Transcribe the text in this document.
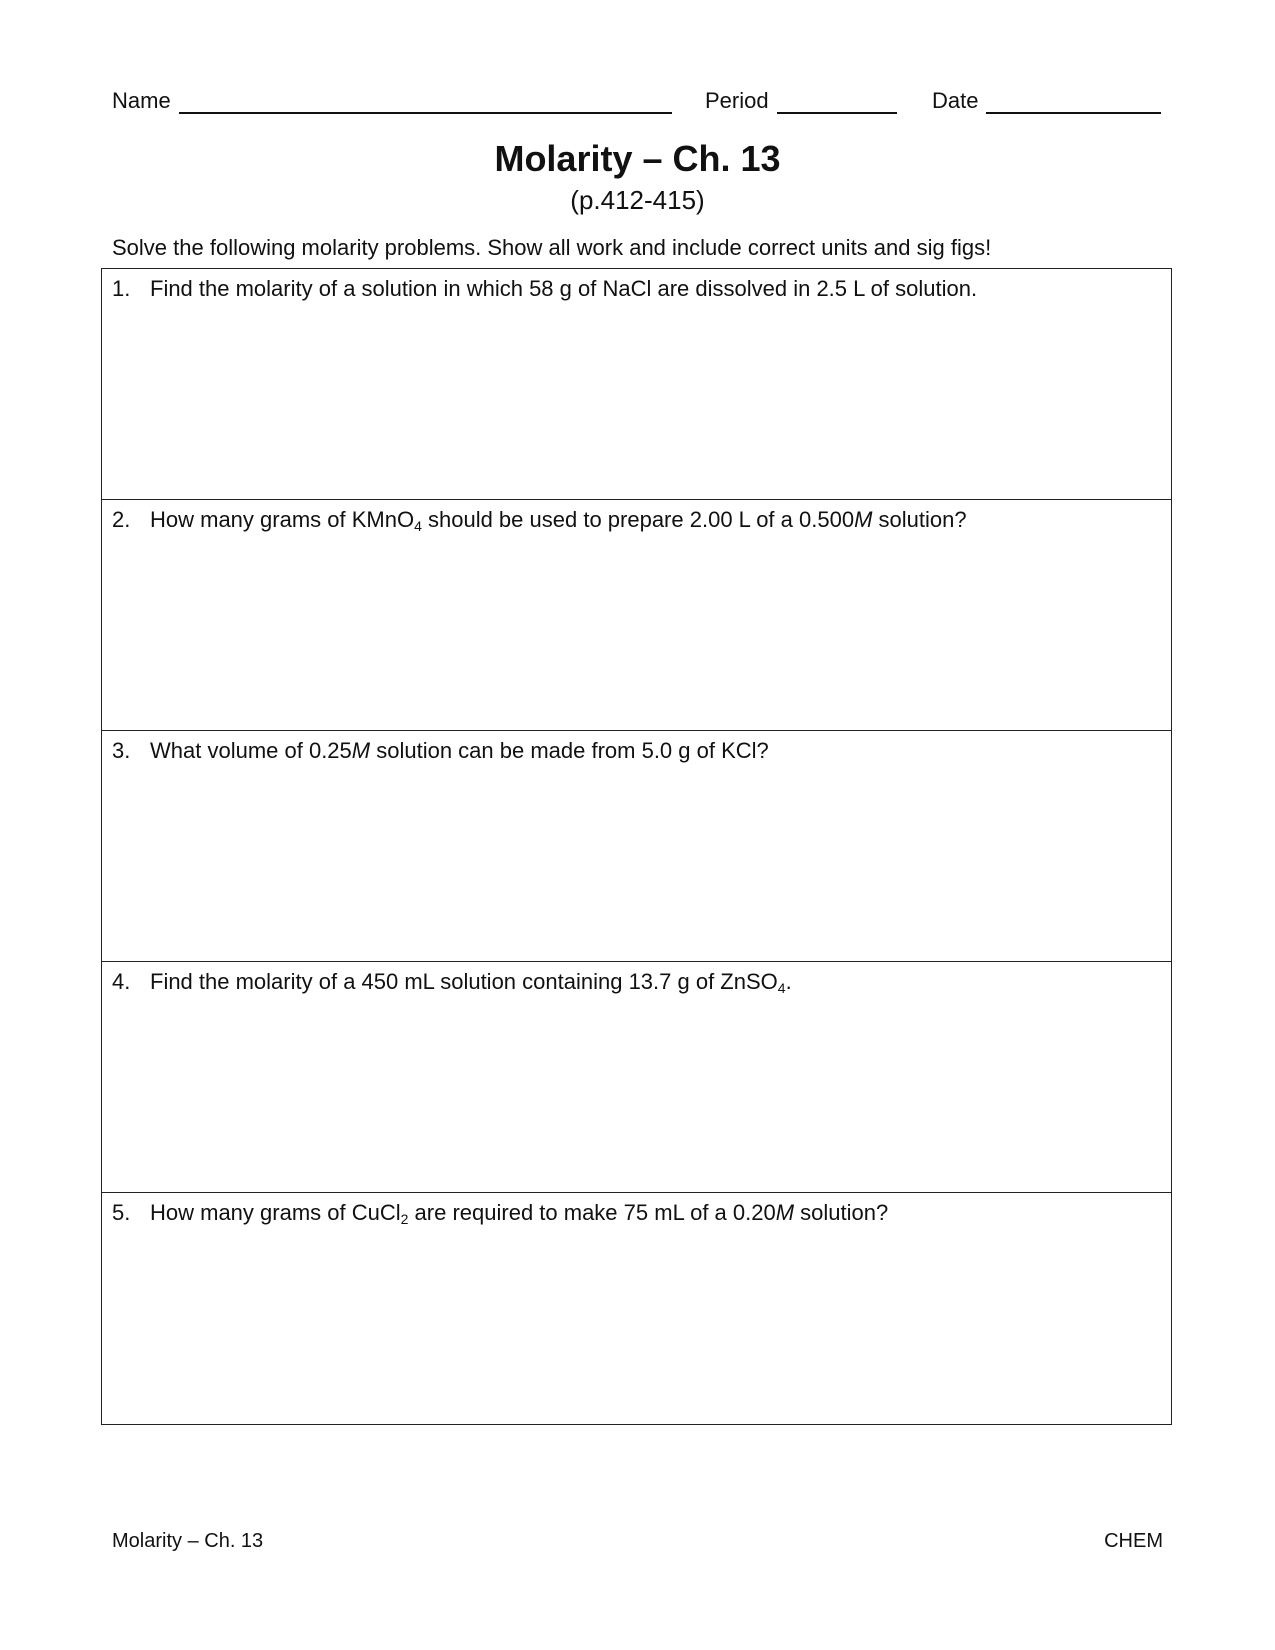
Name	Period	Date
Molarity – Ch. 13
(p.412-415)
Solve the following molarity problems. Show all work and include correct units and sig figs!
1. Find the molarity of a solution in which 58 g of NaCl are dissolved in 2.5 L of solution.
2. How many grams of KMnO$_4$ should be used to prepare 2.00 L of a 0.500M solution?
3. What volume of 0.25M solution can be made from 5.0 g of KCl?
4. Find the molarity of a 450 mL solution containing 13.7 g of ZnSO$_4$.
5. How many grams of CuCl$_2$ are required to make 75 mL of a 0.20M solution?
Molarity – Ch. 13	CHEM
